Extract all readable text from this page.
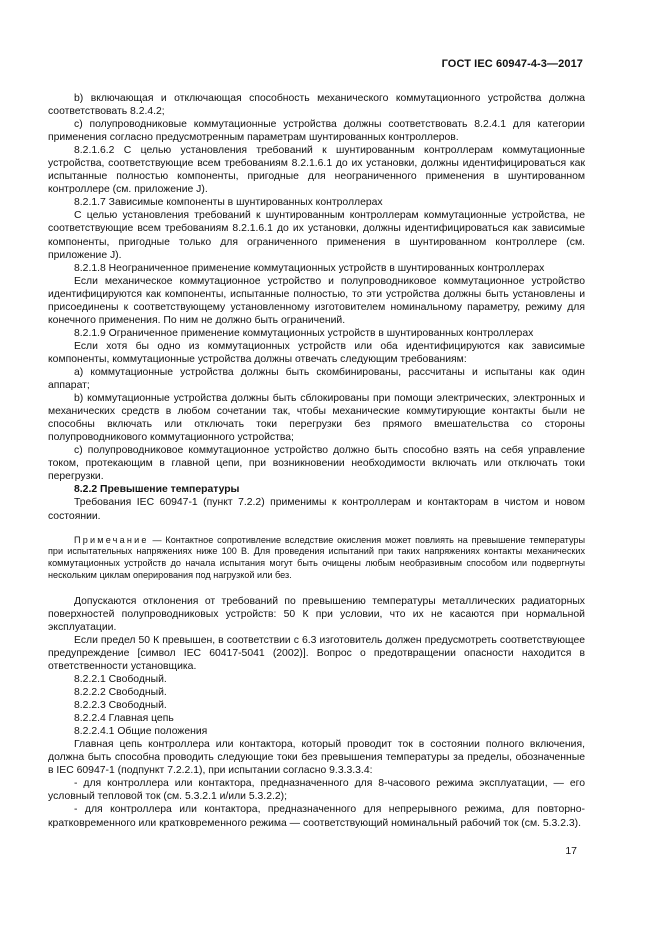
ГОСТ IEC 60947-4-3—2017

b) включающая и отключающая способность механического коммутационного устройства должна соответствовать 8.2.4.2;

c) полупроводниковые коммутационные устройства должны соответствовать 8.2.4.1 для категории применения согласно предусмотренным параметрам шунтированных контроллеров.

8.2.1.6.2 С целью установления требований к шунтированным контроллерам коммутационные устройства, соответствующие всем требованиям 8.2.1.6.1 до их установки, должны идентифицироваться как испытанные полностью компоненты, пригодные для неограниченного применения в шунтированном контроллере (см. приложение J).

8.2.1.7 Зависимые компоненты в шунтированных контроллерах

С целью установления требований к шунтированным контроллерам коммутационные устройства, не соответствующие всем требованиям 8.2.1.6.1 до их установки, должны идентифицироваться как зависимые компоненты, пригодные только для ограниченного применения в шунтированном контроллере (см. приложение J).

8.2.1.8 Неограниченное применение коммутационных устройств в шунтированных контроллерах

Если механическое коммутационное устройство и полупроводниковое коммутационное устройство идентифицируются как компоненты, испытанные полностью, то эти устройства должны быть установлены и присоединены к соответствующему установленному изготовителем номинальному параметру, режиму для конечного применения. По ним не должно быть ограничений.

8.2.1.9 Ограниченное применение коммутационных устройств в шунтированных контроллерах

Если хотя бы одно из коммутационных устройств или оба идентифицируются как зависимые компоненты, коммутационные устройства должны отвечать следующим требованиям:

а) коммутационные устройства должны быть скомбинированы, рассчитаны и испытаны как один аппарат;

b) коммутационные устройства должны быть сблокированы при помощи электрических, электронных и механических средств в любом сочетании так, чтобы механические коммутирующие контакты были не способны включать или отключать токи перегрузки без прямого вмешательства со стороны полупроводникового коммутационного устройства;

c) полупроводниковое коммутационное устройство должно быть способно взять на себя управление током, протекающим в главной цепи, при возникновении необходимости включать или отключать токи перегрузки.

8.2.2 Превышение температуры

Требования IEC 60947-1 (пункт 7.2.2) применимы к контроллерам и контакторам в чистом и новом состоянии.

Примечание — Контактное сопротивление вследствие окисления может повлиять на превышение температуры при испытательных напряжениях ниже 100 В. Для проведения испытаний при таких напряжениях контакты механических коммутационных устройств до начала испытания могут быть очищены любым необразивным способом или подвергнуты нескольким циклам оперирования под нагрузкой или без.

Допускаются отклонения от требований по превышению температуры металлических радиаторных поверхностей полупроводниковых устройств: 50 К при условии, что их не касаются при нормальной эксплуатации.

Если предел 50 К превышен, в соответствии с 6.3 изготовитель должен предусмотреть соответствующее предупреждение [символ IEC 60417-5041 (2002)]. Вопрос о предотвращении опасности находится в ответственности установщика.

8.2.2.1 Свободный.

8.2.2.2 Свободный.

8.2.2.3 Свободный.

8.2.2.4 Главная цепь

8.2.2.4.1 Общие положения

Главная цепь контроллера или контактора, который проводит ток в состоянии полного включения, должна быть способна проводить следующие токи без превышения температуры за пределы, обозначенные в IEC 60947-1 (подпункт 7.2.2.1), при испытании согласно 9.3.3.3.4:

- для контроллера или контактора, предназначенного для 8-часового режима эксплуатации, — его условный тепловой ток (см. 5.3.2.1 и/или 5.3.2.2);

- для контроллера или контактора, предназначенного для непрерывного режима, для повторно-кратковременного или кратковременного режима — соответствующий номинальный рабочий ток (см. 5.3.2.3).

17
